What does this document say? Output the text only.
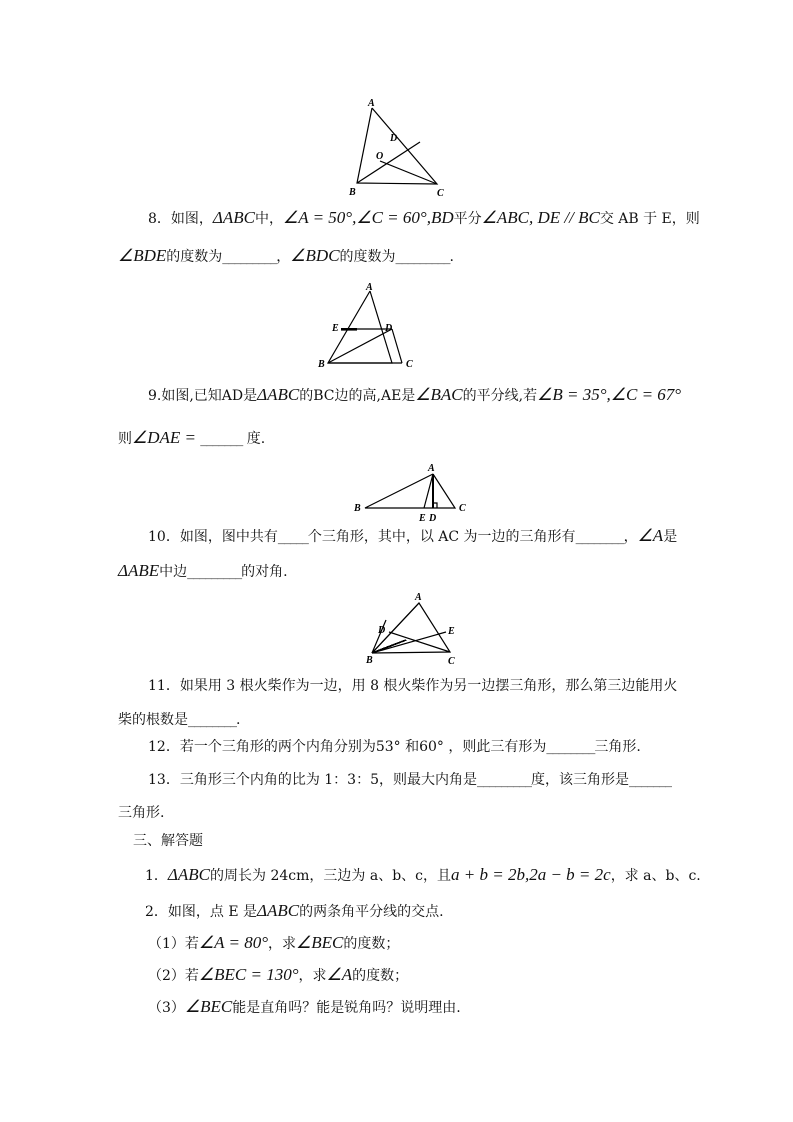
A
D
O
B	C
A
E	D
B	C
A
B
E D
C
A
D	E
B	C
8．如图，ΔABC中，∠A = 50°,∠C = 60°,BD平分∠ABC, DE // BC交 AB 于 E，则
∠BDE的度数为_________，∠BDC的度数为_________.
9.如图,已知AD是ΔABC的BC边的高,AE是∠BAC的平分线,若∠B = 35°,∠C = 67°
则∠DAE = _______ 度.
10．如图，图中共有_____个三角形，其中，以 AC 为一边的三角形有________，∠A是
ΔABE中边_________的对角.
11．如果用 3 根火柴作为一边，用 8 根火柴作为另一边摆三角形，那么第三边能用火
柴的根数是________.
12．若一个三角形的两个内角分别为53° 和60° ，则此三有形为________三角形.
13．三角形三个内角的比为 1：3：5，则最大内角是_________度，该三角形是_______
三角形.
三、解答题
1．ΔABC的周长为 24cm，三边为 a、b、c，且a + b = 2b,2a − b = 2c，求 a、b、c.
2．如图，点 E 是ΔABC的两条角平分线的交点.
（1）若∠A = 80°，求∠BEC的度数；
（2）若∠BEC = 130°，求∠A的度数；
（3）∠BEC能是直角吗？能是锐角吗？说明理由.
